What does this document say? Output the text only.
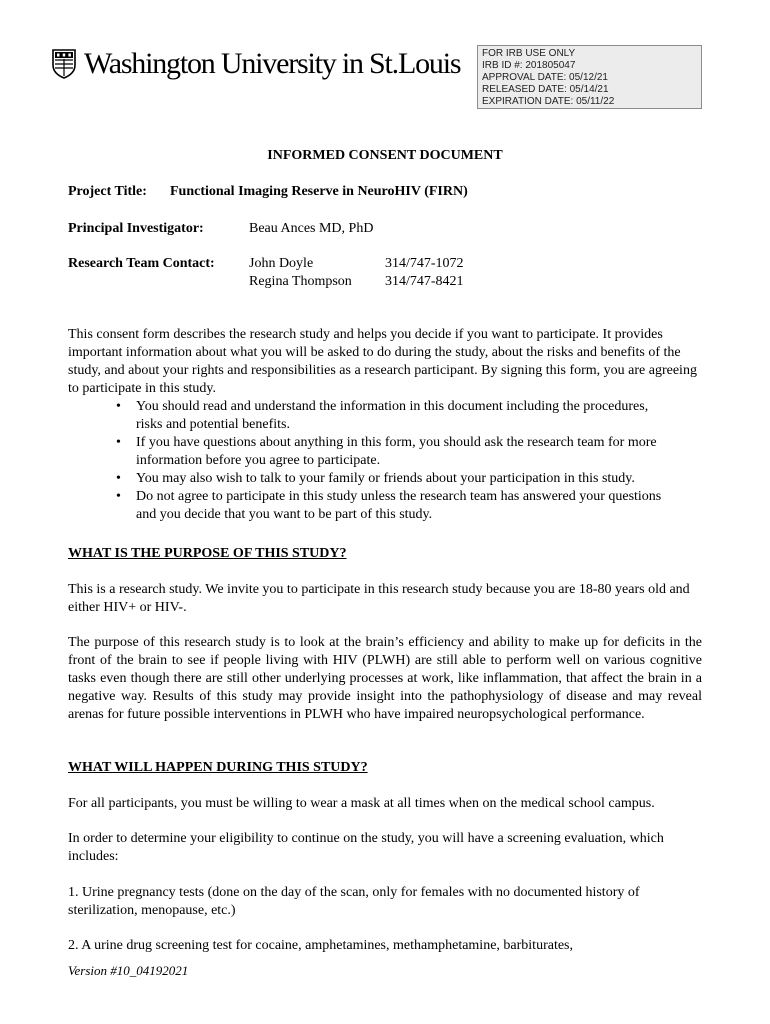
Washington University in St.Louis FOR IRB USE ONLY
IRB ID #: 201805047
APPROVAL DATE: 05/12/21
RELEASED DATE: 05/14/21
EXPIRATION DATE: 05/11/22
INFORMED CONSENT DOCUMENT
Project Title: Functional Imaging Reserve in NeuroHIV (FIRN)
Principal Investigator:	Beau Ances MD, PhD
Research Team Contact: John Doyle	314/747-1072
Regina Thompson 314/747-8421
This consent form describes the research study and helps you decide if you want to participate. It provides important information about what you will be asked to do during the study, about the risks and benefits of the study, and about your rights and responsibilities as a research participant. By signing this form, you are agreeing to participate in this study.
• You should read and understand the information in this document including the procedures, risks and potential benefits.
• If you have questions about anything in this form, you should ask the research team for more information before you agree to participate.
• You may also wish to talk to your family or friends about your participation in this study.
• Do not agree to participate in this study unless the research team has answered your questions and you decide that you want to be part of this study.
WHAT IS THE PURPOSE OF THIS STUDY?
This is a research study. We invite you to participate in this research study because you are 18-80 years old and either HIV+ or HIV-.
The purpose of this research study is to look at the brain’s efficiency and ability to make up for deficits in the front of the brain to see if people living with HIV (PLWH) are still able to perform well on various cognitive tasks even though there are still other underlying processes at work, like inflammation, that affect the brain in a negative way. Results of this study may provide insight into the pathophysiology of disease and may reveal arenas for future possible interventions in PLWH who have impaired neuropsychological performance.
WHAT WILL HAPPEN DURING THIS STUDY?
For all participants, you must be willing to wear a mask at all times when on the medical school campus.
In order to determine your eligibility to continue on the study, you will have a screening evaluation, which includes:
1. Urine pregnancy tests (done on the day of the scan, only for females with no documented history of sterilization, menopause, etc.)
2. A urine drug screening test for cocaine, amphetamines, methamphetamine, barbiturates,
Version #10_04192021
